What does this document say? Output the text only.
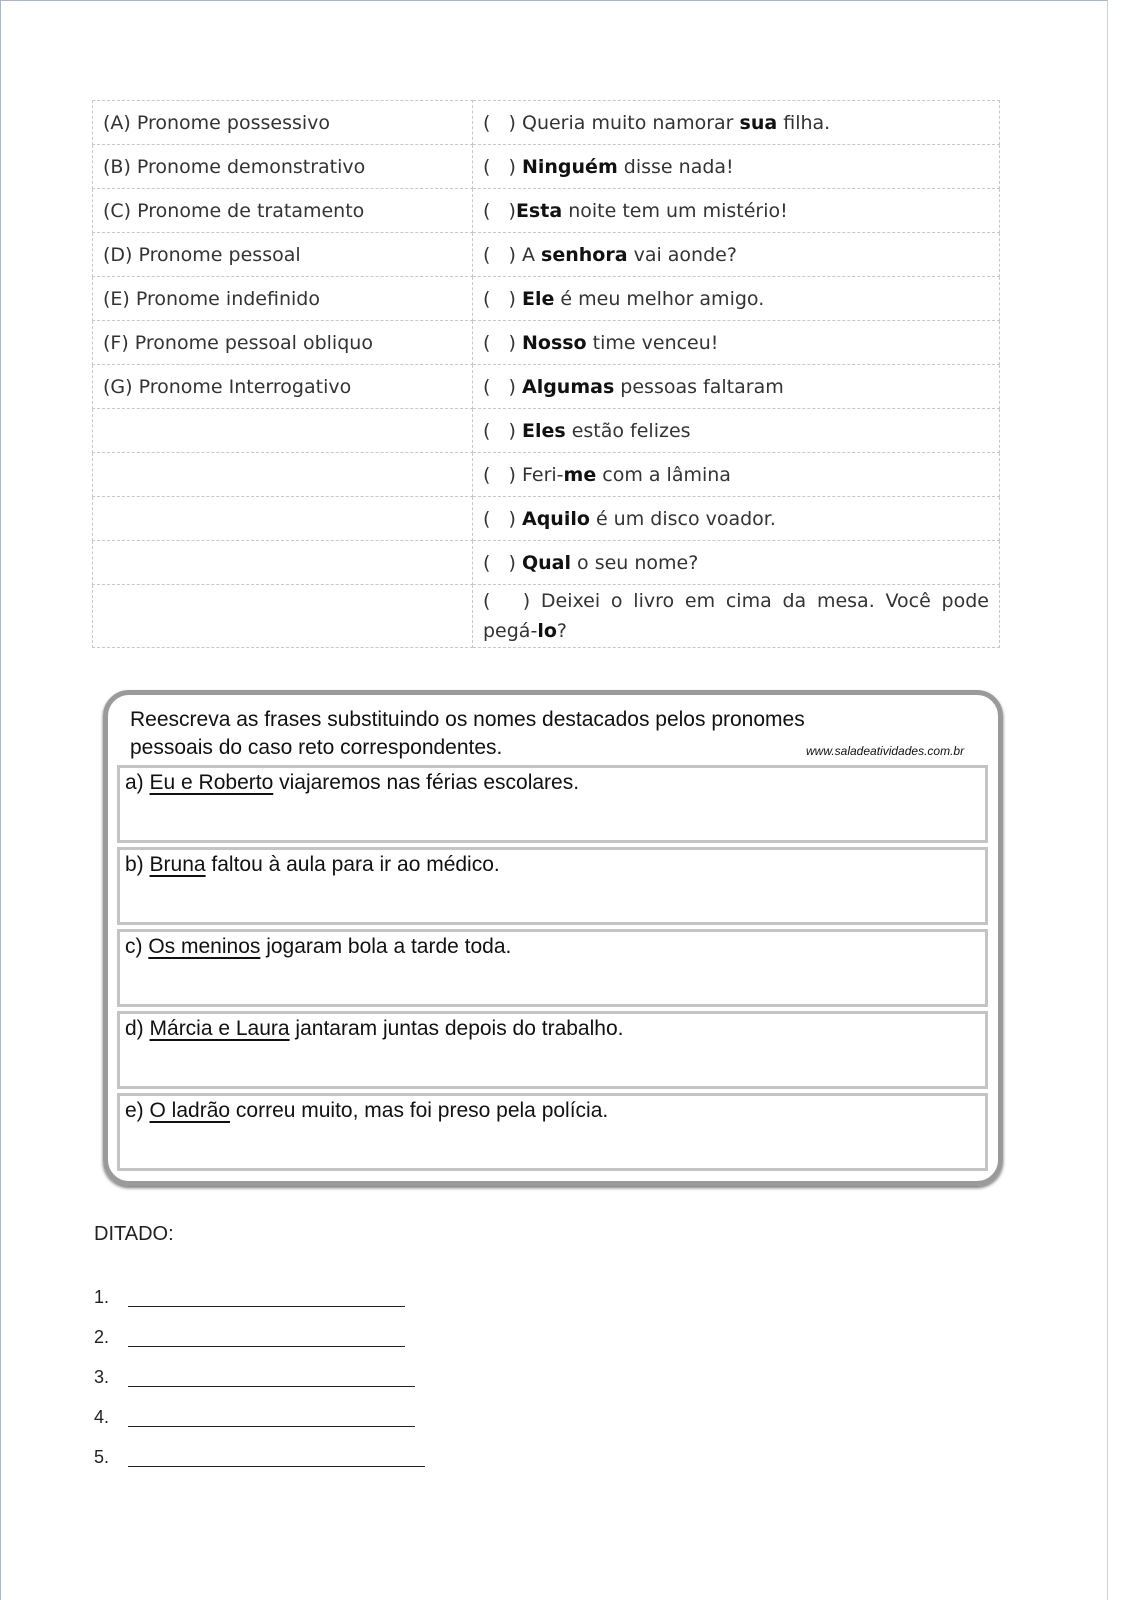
(A) Pronome possessivo	(   ) Queria muito namorar sua filha.
(B) Pronome demonstrativo	(   ) Ninguém disse nada!
(C) Pronome de tratamento	(   )Esta noite tem um mistério!
(D) Pronome pessoal	(   ) A senhora vai aonde?
(E) Pronome indefinido	(   ) Ele é meu melhor amigo.
(F) Pronome pessoal obliquo	(   ) Nosso time venceu!
(G) Pronome Interrogativo	(   ) Algumas pessoas faltaram
	(   ) Eles estão felizes
	(   ) Feri-me com a lâmina
	(   ) Aquilo é um disco voador.
	(   ) Qual o seu nome?
	(   ) Deixei o livro em cima da mesa. Você pode pegá-lo?
Reescreva as frases substituindo os nomes destacados pelos pronomes
pessoais do caso reto correspondentes.	www.saladeatividades.com.br
a) Eu e Roberto viajaremos nas férias escolares.
b) Bruna faltou à aula para ir ao médico.
c) Os meninos jogaram bola a tarde toda.
d) Márcia e Laura jantaram juntas depois do trabalho.
e) O ladrão correu muito, mas foi preso pela polícia.
DITADO:
1.
2.
3.
4.
5.
